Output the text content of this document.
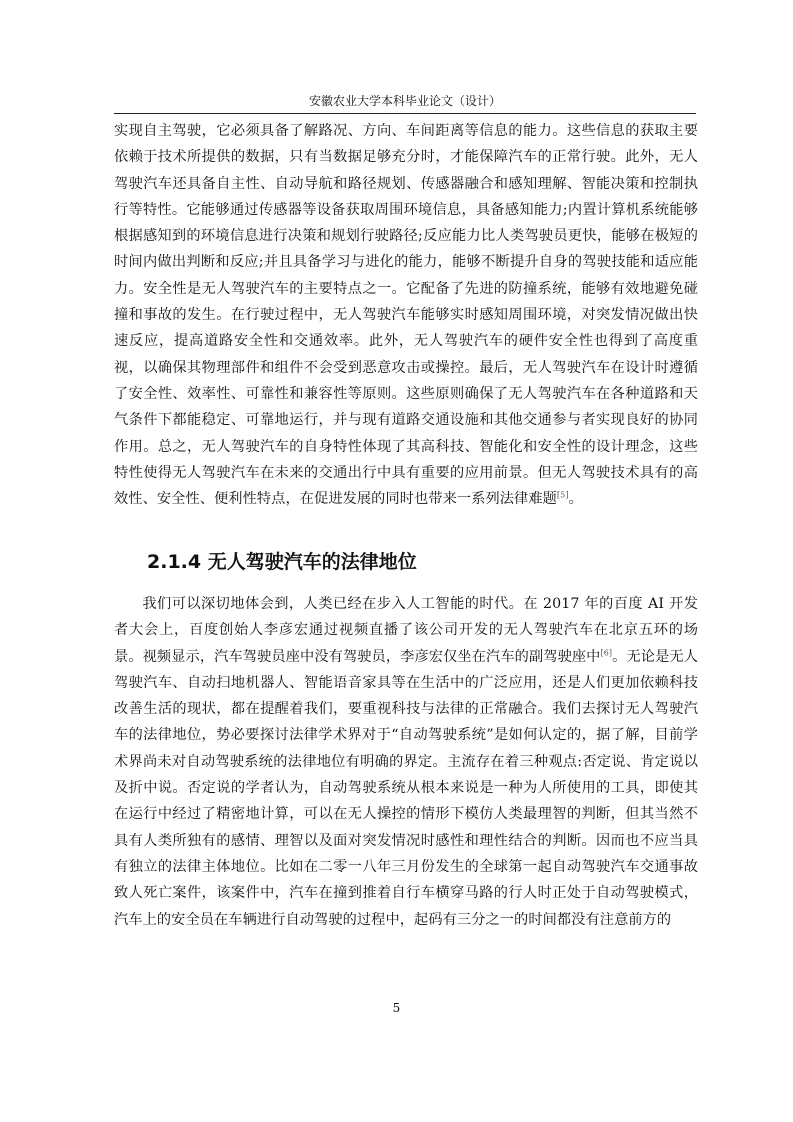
安徽农业大学本科毕业论文（设计）
实现自主驾驶，它必须具备了解路况、方向、车间距离等信息的能力。这些信息的获取主要依赖于技术所提供的数据，只有当数据足够充分时，才能保障汽车的正常行驶。此外，无人驾驶汽车还具备自主性、自动导航和路径规划、传感器融合和感知理解、智能决策和控制执行等特性。它能够通过传感器等设备获取周围环境信息，具备感知能力;内置计算机系统能够根据感知到的环境信息进行决策和规划行驶路径;反应能力比人类驾驶员更快，能够在极短的时间内做出判断和反应;并且具备学习与进化的能力，能够不断提升自身的驾驶技能和适应能力。安全性是无人驾驶汽车的主要特点之一。它配备了先进的防撞系统，能够有效地避免碰撞和事故的发生。在行驶过程中，无人驾驶汽车能够实时感知周围环境，对突发情况做出快速反应，提高道路安全性和交通效率。此外，无人驾驶汽车的硬件安全性也得到了高度重视，以确保其物理部件和组件不会受到恶意攻击或操控。最后，无人驾驶汽车在设计时遵循了安全性、效率性、可靠性和兼容性等原则。这些原则确保了无人驾驶汽车在各种道路和天气条件下都能稳定、可靠地运行，并与现有道路交通设施和其他交通参与者实现良好的协同作用。总之，无人驾驶汽车的自身特性体现了其高科技、智能化和安全性的设计理念，这些特性使得无人驾驶汽车在未来的交通出行中具有重要的应用前景。但无人驾驶技术具有的高效性、安全性、便利性特点，在促进发展的同时也带来一系列法律难题[5]。
2.1.4 无人驾驶汽车的法律地位
我们可以深切地体会到，人类已经在步入人工智能的时代。在 2017 年的百度 AI 开发者大会上，百度创始人李彦宏通过视频直播了该公司开发的无人驾驶汽车在北京五环的场景。视频显示，汽车驾驶员座中没有驾驶员，李彦宏仅坐在汽车的副驾驶座中[6]。无论是无人驾驶汽车、自动扫地机器人、智能语音家具等在生活中的广泛应用，还是人们更加依赖科技改善生活的现状，都在提醒着我们，要重视科技与法律的正常融合。我们去探讨无人驾驶汽车的法律地位，势必要探讨法律学术界对于“自动驾驶系统”是如何认定的，据了解，目前学术界尚未对自动驾驶系统的法律地位有明确的界定。主流存在着三种观点:否定说、肯定说以及折中说。否定说的学者认为，自动驾驶系统从根本来说是一种为人所使用的工具，即使其在运行中经过了精密地计算，可以在无人操控的情形下模仿人类最理智的判断，但其当然不具有人类所独有的感情、理智以及面对突发情况时感性和理性结合的判断。因而也不应当具有独立的法律主体地位。比如在二零一八年三月份发生的全球第一起自动驾驶汽车交通事故致人死亡案件，该案件中，汽车在撞到推着自行车横穿马路的行人时正处于自动驾驶模式，汽车上的安全员在车辆进行自动驾驶的过程中，起码有三分之一的时间都没有注意前方的
5
